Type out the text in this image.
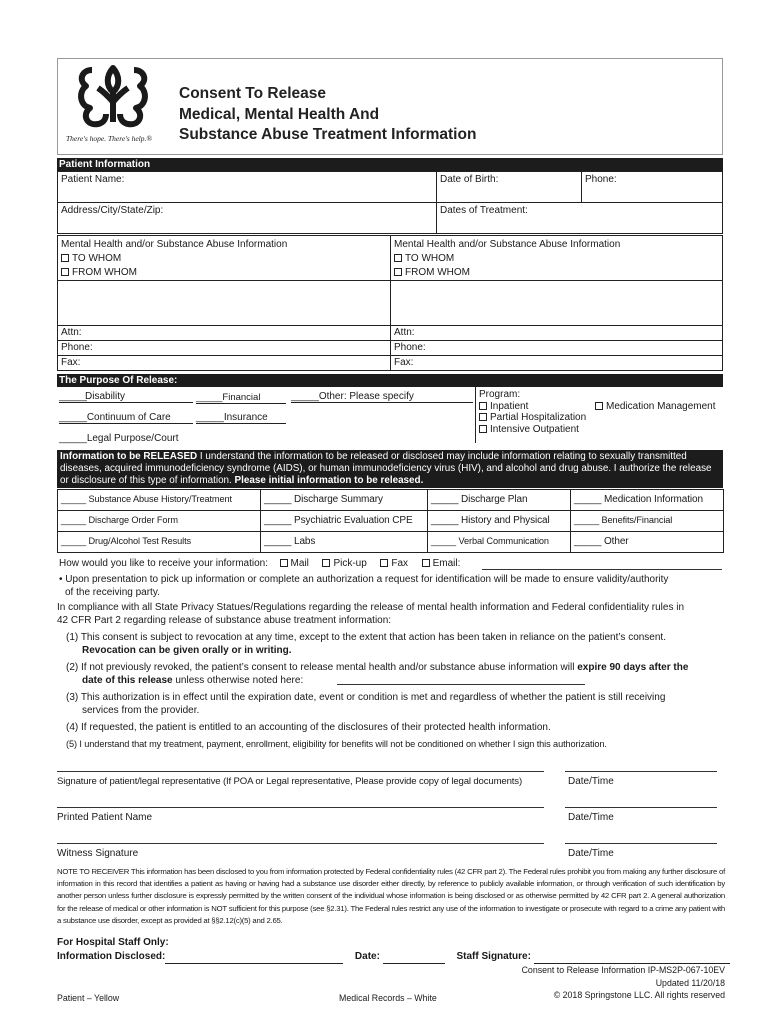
There's hope. There's help.®
Consent To Release
Medical, Mental Health And
Substance Abuse Treatment Information
Patient Information
Patient Name:	Date of Birth:	Phone:
Address/City/State/Zip:	Dates of Treatment:
Mental Health and/or Substance Abuse Information
TO WHOM
FROM WHOM
Mental Health and/or Substance Abuse Information
TO WHOM
FROM WHOM
Attn:	Attn:
Phone:	Phone:
Fax:	Fax:
The Purpose Of Release:
_____Disability	_____Financial	_____Other: Please specify
_____Continuum of Care	_____Insurance
_____Legal Purpose/Court
Program:
Inpatient
Partial Hospitalization
Intensive Outpatient
Medication Management
Information to be RELEASED I understand the information to be released or disclosed may include information relating to sexually transmitted diseases, acquired immunodeficiency syndrome (AIDS), or human immunodeficiency virus (HIV), and alcohol and drug abuse. I authorize the release or disclosure of this type of information. Please initial information to be released.
_____ Substance Abuse History/Treatment	_____ Discharge Summary	_____ Discharge Plan	_____ Medication Information
_____ Discharge Order Form	_____ Psychiatric Evaluation CPE	_____ History and Physical	_____ Benefits/Financial
_____ Drug/Alcohol Test Results	_____ Labs	_____ Verbal Communication	_____ Other
How would you like to receive your information: Mail Pick-up Fax Email:
• Upon presentation to pick up information or complete an authorization a request for identification will be made to ensure validity/authority
of the receiving party.
In compliance with all State Privacy Statues/Regulations regarding the release of mental health information and Federal confidentiality rules in
42 CFR Part 2 regarding release of substance abuse treatment information:

(1) This consent is subject to revocation at any time, except to the extent that action has been taken in reliance on the patient’s consent.

Revocation can be given orally or in writing.

(2) If not previously revoked, the patient’s consent to release mental health and/or substance abuse information will expire 90 days after the

date of this release unless otherwise noted here:

(3) This authorization is in effect until the expiration date, event or condition is met and regardless of whether the patient is still receiving

services from the provider.

(4) If requested, the patient is entitled to an accounting of the disclosures of their protected health information.

(5) I understand that my treatment, payment, enrollment, eligibility for benefits will not be conditioned on whether I sign this authorization.

Signature of patient/legal representative (If POA or Legal representative, Please provide copy of legal documents)	Date/Time
Printed Patient Name	Date/Time
Witness Signature	Date/Time
NOTE TO RECEIVER This information has been disclosed to you from information protected by Federal confidentiality rules (42 CFR part 2). The Federal rules prohibit you from making any further disclosure of information in this record that identifies a patient as having or having had a substance use disorder either directly, by reference to publicly available information, or through verification of such identification by another person unless further disclosure is expressly permitted by the written consent of the individual whose information is being disclosed or as otherwise permitted by 42 CFR part 2. A general authorization for the release of medical or other information is NOT sufficient for this purpose (see §2.31). The Federal rules restrict any use of the information to investigate or prosecute with regard to a crime any patient with a substance use disorder, except as provided at §§2.12(c)(5) and 2.65.
For Hospital Staff Only:
Information Disclosed:	Date:	Staff Signature:
Consent to Release Information IP-MS2P-067-10EV
Updated 11/20/18
© 2018 Springstone LLC. All rights reserved
Patient – Yellow	Medical Records – White
